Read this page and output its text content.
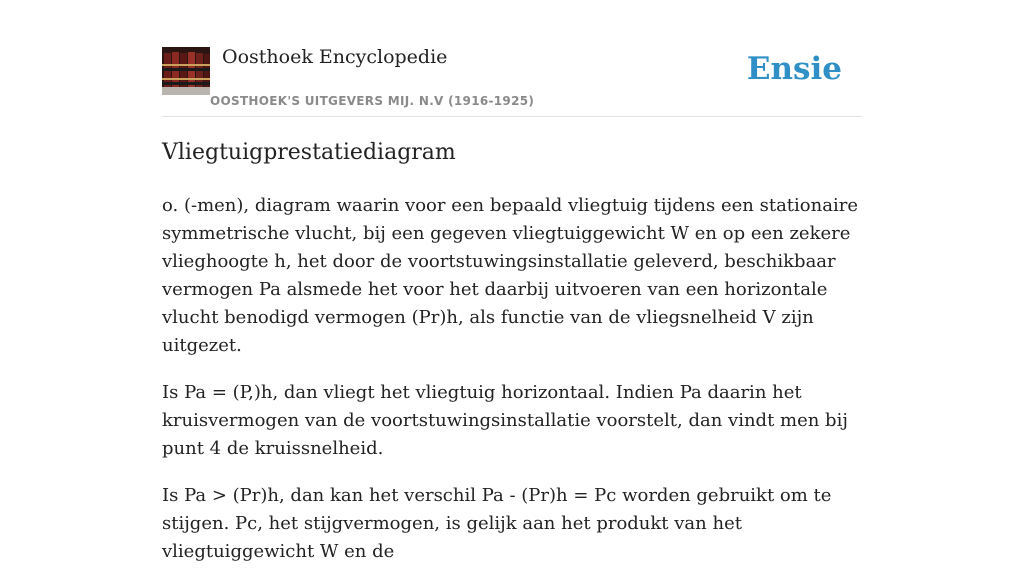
Oosthoek Encyclopedie
OOSTHOEK'S UITGEVERS MIJ. N.V (1916-1925)
Ensie
Vliegtuigprestatiediagram

o. (-men), diagram waarin voor een bepaald vliegtuig tijdens een stationaire symmetrische vlucht, bij een gegeven vliegtuiggewicht W en op een zekere vlieghoogte h, het door de voortstuwingsinstallatie geleverd, beschikbaar vermogen Pa alsmede het voor het daarbij uitvoeren van een horizontale vlucht benodigd vermogen (Pr)h, als functie van de vliegsnelheid V zijn uitgezet.

Is Pa = (P,)h, dan vliegt het vliegtuig horizontaal. Indien Pa daarin het kruisvermogen van de voortstuwingsinstallatie voorstelt, dan vindt men bij punt 4 de kruissnelheid.

Is Pa > (Pr)h, dan kan het verschil Pa - (Pr)h = Pc worden gebruikt om te stijgen. Pc, het stijgvermogen, is gelijk aan het produkt van het vliegtuiggewicht W en de
